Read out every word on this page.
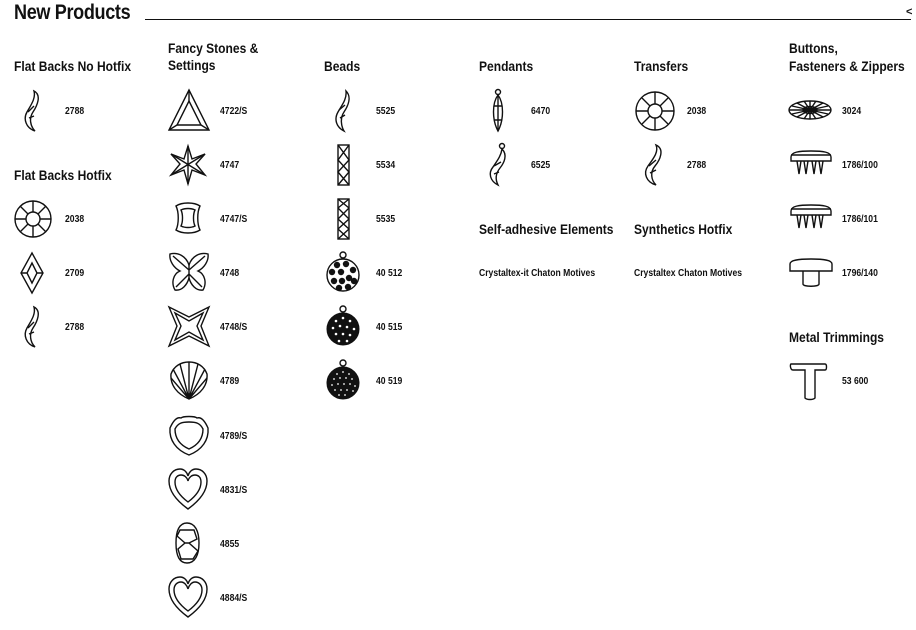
New Products	<
Flat Backs No Hotfix
2788
Flat Backs Hotfix
2038
2709
2788
Fancy Stones & Settings
4722/S
4747
4747/S
4748
4748/S
4789
4789/S
4831/S
4855
4884/S
Beads
5525
5534
5535
40 512
40 515
40 519
Pendants
6470
6525
Self-adhesive Elements
Crystaltex-it Chaton Motives
Transfers
2038
2788
Synthetics Hotfix
Crystaltex Chaton Motives
Buttons,
Fasteners & Zippers
3024
1786/100
1786/101
1796/140
Metal Trimmings
53 600
